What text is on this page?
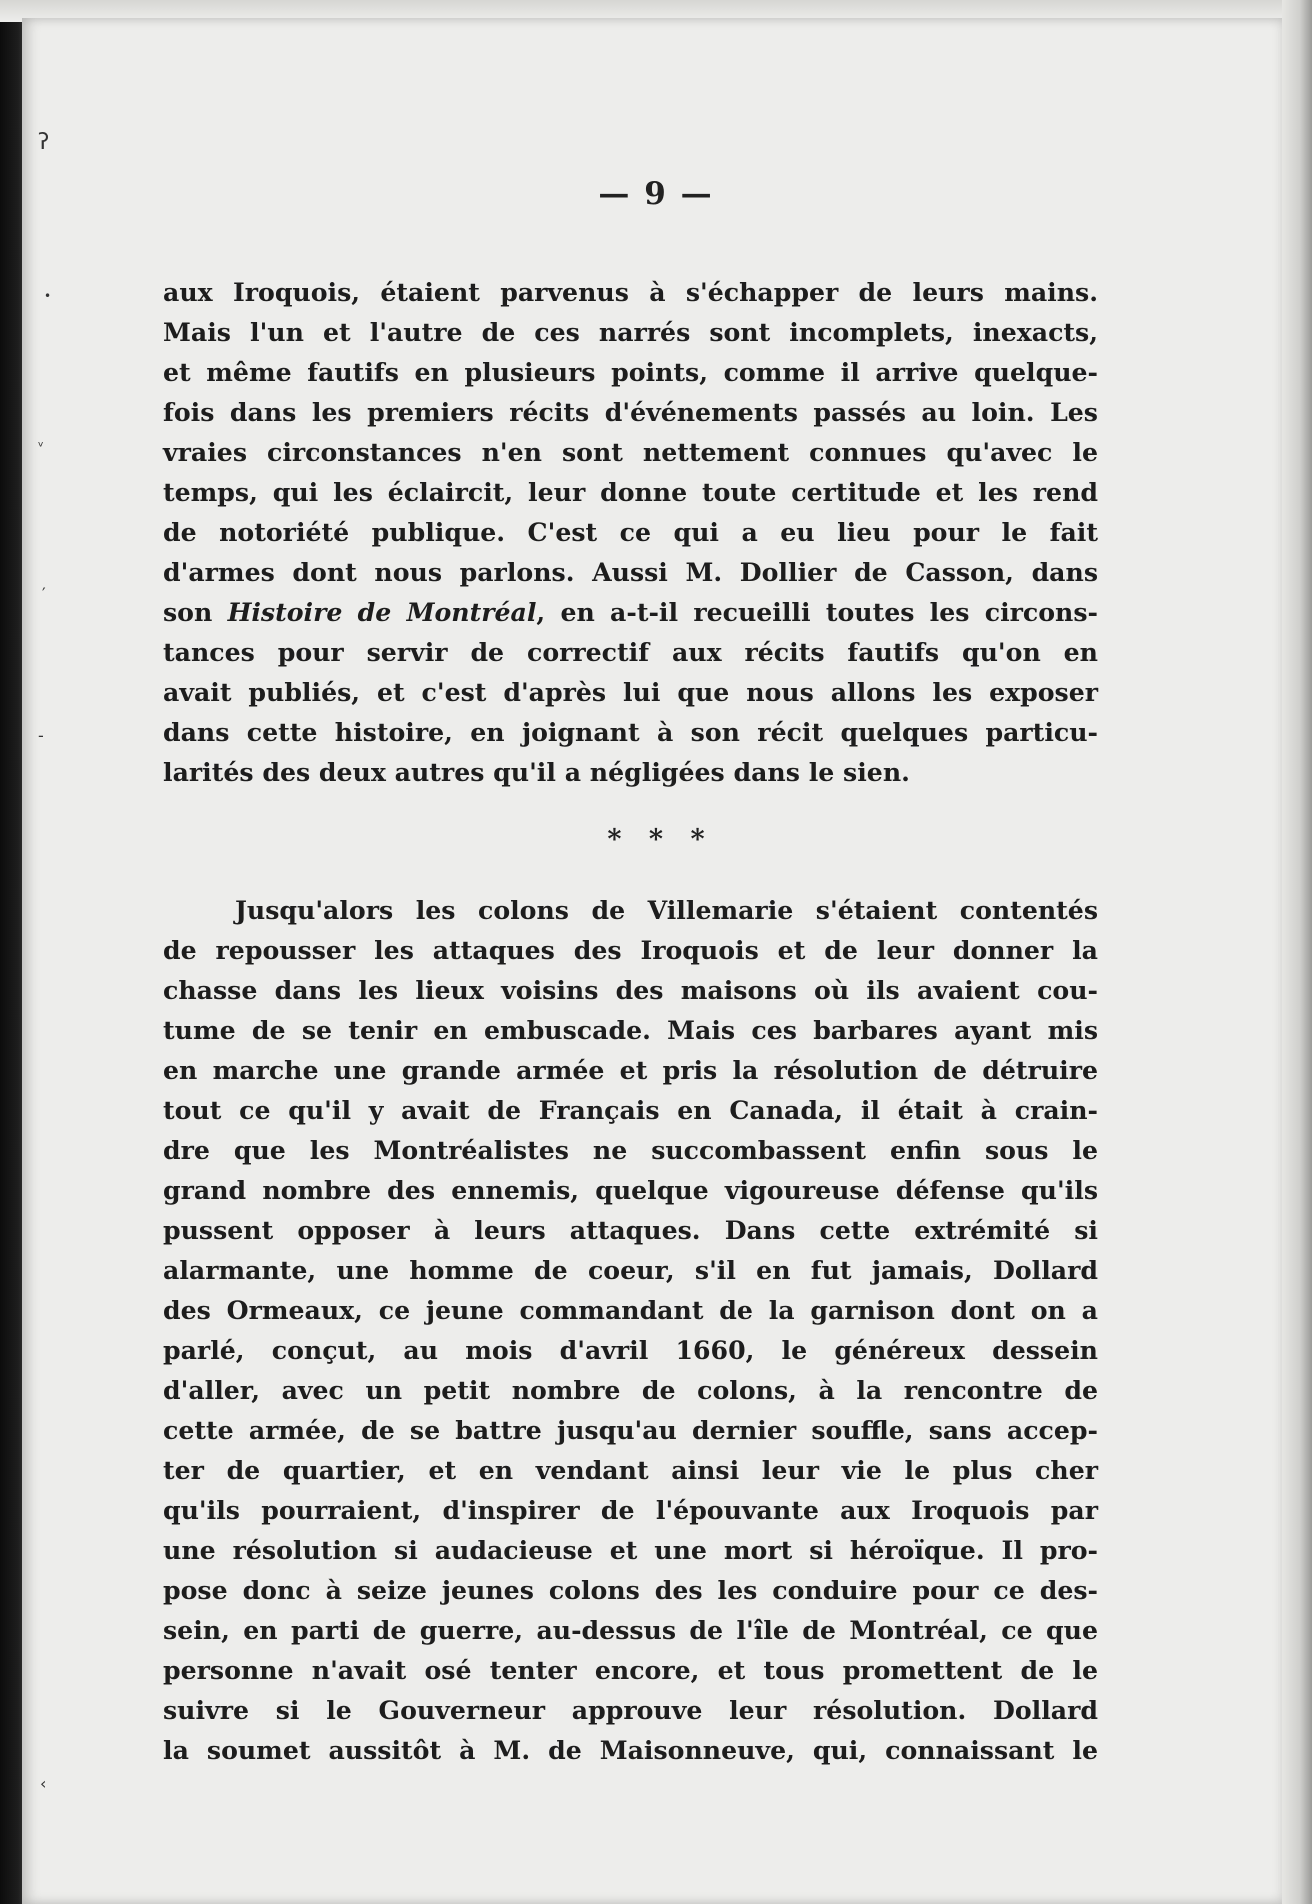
ʔ
•
ᵛ
′
-
‹
— 9 —

aux Iroquois, étaient parvenus à s'échapper de leurs mains.

Mais l'un et l'autre de ces narrés sont incomplets, inexacts,

et même fautifs en plusieurs points, comme il arrive quelque-

fois dans les premiers récits d'événements passés au loin. Les

vraies circonstances n'en sont nettement connues qu'avec le

temps, qui les éclaircit, leur donne toute certitude et les rend

de notoriété publique. C'est ce qui a eu lieu pour le fait

d'armes dont nous parlons. Aussi M. Dollier de Casson, dans

son Histoire de Montréal, en a-t-il recueilli toutes les circons-

tances pour servir de correctif aux récits fautifs qu'on en

avait publiés, et c'est d'après lui que nous allons les exposer

dans cette histoire, en joignant à son récit quelques particu-

larités des deux autres qu'il a négligées dans le sien.

* * *

Jusqu'alors les colons de Villemarie s'étaient contentés

de repousser les attaques des Iroquois et de leur donner la

chasse dans les lieux voisins des maisons où ils avaient cou-

tume de se tenir en embuscade. Mais ces barbares ayant mis

en marche une grande armée et pris la résolution de détruire

tout ce qu'il y avait de Français en Canada, il était à crain-

dre que les Montréalistes ne succombassent enfin sous le

grand nombre des ennemis, quelque vigoureuse défense qu'ils

pussent opposer à leurs attaques. Dans cette extrémité si

alarmante, une homme de coeur, s'il en fut jamais, Dollard

des Ormeaux, ce jeune commandant de la garnison dont on a

parlé, conçut, au mois d'avril 1660, le généreux dessein

d'aller, avec un petit nombre de colons, à la rencontre de

cette armée, de se battre jusqu'au dernier souffle, sans accep-

ter de quartier, et en vendant ainsi leur vie le plus cher

qu'ils pourraient, d'inspirer de l'épouvante aux Iroquois par

une résolution si audacieuse et une mort si héroïque. Il pro-

pose donc à seize jeunes colons des les conduire pour ce des-

sein, en parti de guerre, au-dessus de l'île de Montréal, ce que

personne n'avait osé tenter encore, et tous promettent de le

suivre si le Gouverneur approuve leur résolution. Dollard

la soumet aussitôt à M. de Maisonneuve, qui, connaissant le
